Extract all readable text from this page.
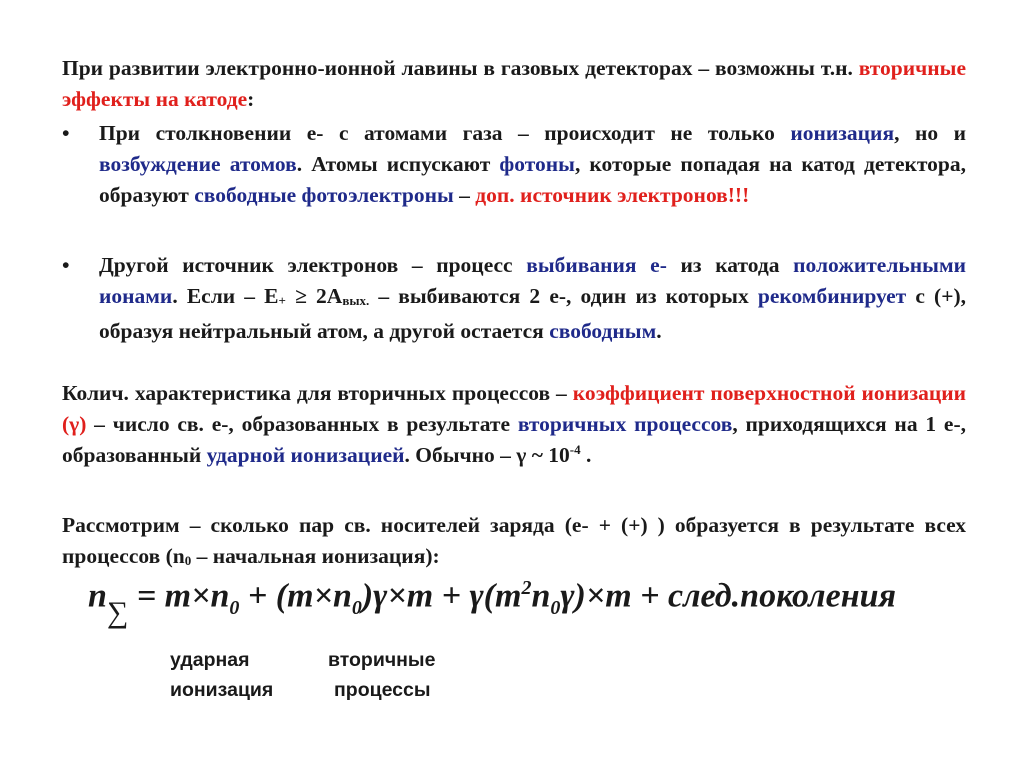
При развитии электронно-ионной лавины в газовых детекторах – возможны т.н. вторичные эффекты на катоде:
• При столкновении е- с атомами газа – происходит не только ионизация, но и возбуждение атомов. Атомы испускают фотоны, которые попадая на катод детектора, образуют свободные фотоэлектроны – доп. источник электронов!!!
• Другой источник электронов – процесс выбивания е- из катода положительными ионами. Если – $Е_+ \ge 2А_{вых.}$ – выбиваются 2 е-, один из которых рекомбинирует с (+), образуя нейтральный атом, а другой остается свободным.
Колич. характеристика для вторичных процессов – коэффициент поверхностной ионизации (γ) – число св. е-, образованных в результате вторичных процессов, приходящихся на 1 е-, образованный ударной ионизацией. Обычно – γ ~ $10^{-4}$ .
Рассмотрим – сколько пар св. носителей заряда (е- + (+) ) образуется в результате всех процессов ($n_0$ – начальная ионизация):
$n\sum = m\times n_0 + (m\times n_0)\gamma\times m + \gamma(m^2n_0\gamma)\times m$ + след.поколения
ударная
ионизация
вторичные
процессы
